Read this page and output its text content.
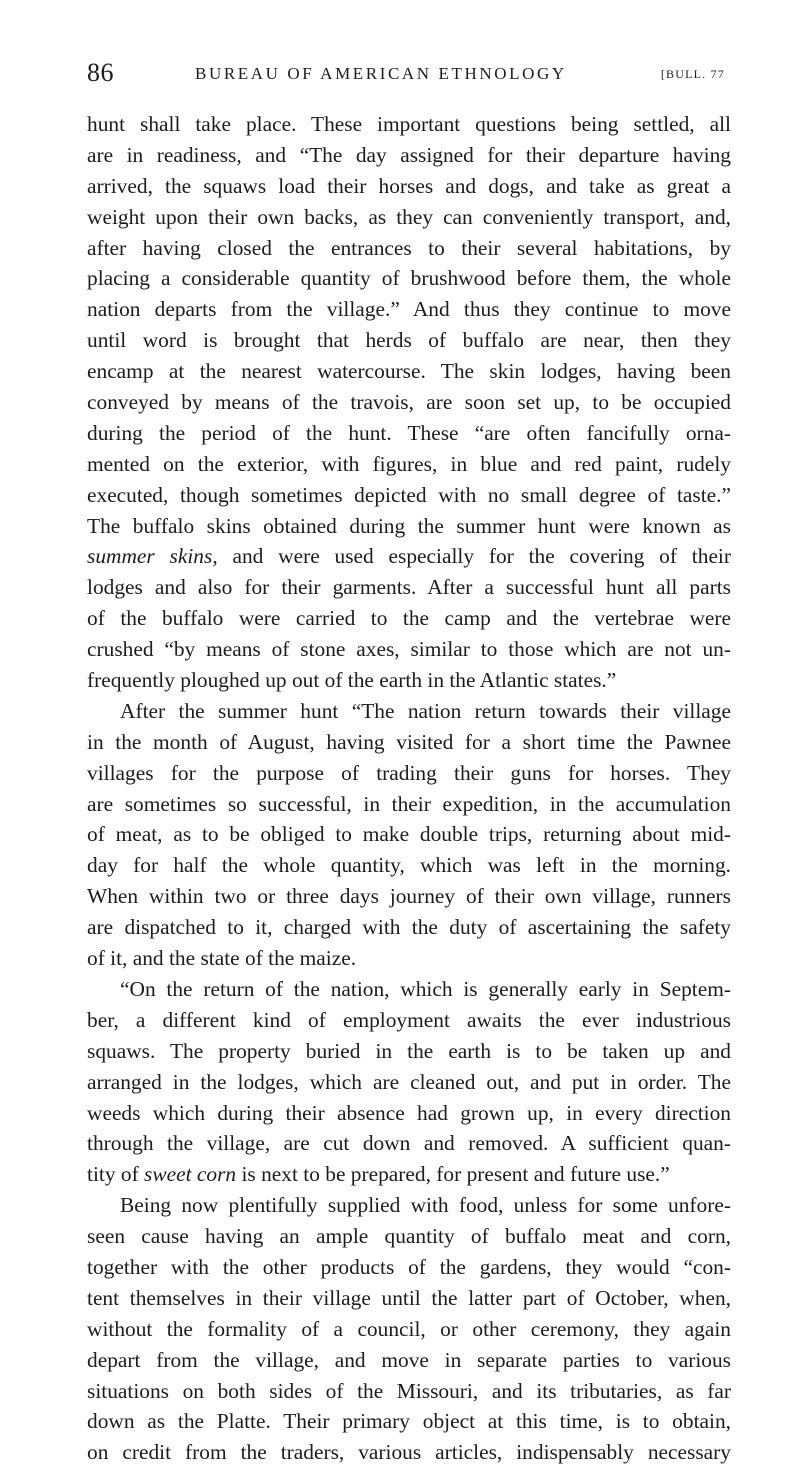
86	BUREAU OF AMERICAN ETHNOLOGY	[BULL. 77
hunt shall take place. These important questions being settled, all
are in readiness, and “The day assigned for their departure having
arrived, the squaws load their horses and dogs, and take as great a
weight upon their own backs, as they can conveniently transport, and,
after having closed the entrances to their several habitations, by
placing a considerable quantity of brushwood before them, the whole
nation departs from the village.” And thus they continue to move
until word is brought that herds of buffalo are near, then they
encamp at the nearest watercourse. The skin lodges, having been
conveyed by means of the travois, are soon set up, to be occupied
during the period of the hunt. These “are often fancifully orna-
mented on the exterior, with figures, in blue and red paint, rudely
executed, though sometimes depicted with no small degree of taste.”
The buffalo skins obtained during the summer hunt were known as
summer skins, and were used especially for the covering of their
lodges and also for their garments. After a successful hunt all parts
of the buffalo were carried to the camp and the vertebrae were
crushed “by means of stone axes, similar to those which are not un-
frequently ploughed up out of the earth in the Atlantic states.”
After the summer hunt “The nation return towards their village
in the month of August, having visited for a short time the Pawnee
villages for the purpose of trading their guns for horses. They
are sometimes so successful, in their expedition, in the accumulation
of meat, as to be obliged to make double trips, returning about mid-
day for half the whole quantity, which was left in the morning.
When within two or three days journey of their own village, runners
are dispatched to it, charged with the duty of ascertaining the safety
of it, and the state of the maize.
“On the return of the nation, which is generally early in Septem-
ber, a different kind of employment awaits the ever industrious
squaws. The property buried in the earth is to be taken up and
arranged in the lodges, which are cleaned out, and put in order. The
weeds which during their absence had grown up, in every direction
through the village, are cut down and removed. A sufficient quan-
tity of sweet corn is next to be prepared, for present and future use.”
Being now plentifully supplied with food, unless for some unfore-
seen cause having an ample quantity of buffalo meat and corn,
together with the other products of the gardens, they would “con-
tent themselves in their village until the latter part of October, when,
without the formality of a council, or other ceremony, they again
depart from the village, and move in separate parties to various
situations on both sides of the Missouri, and its tributaries, as far
down as the Platte. Their primary object at this time, is to obtain,
on credit from the traders, various articles, indispensably necessary
